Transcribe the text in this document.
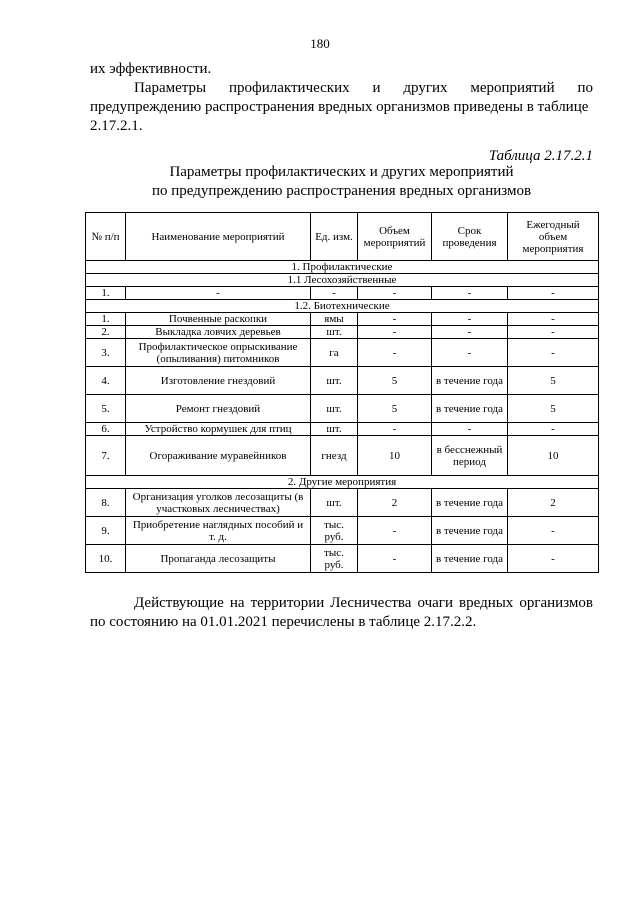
180

их эффективности.

Параметры профилактических и других мероприятий по

предупреждению распространения вредных организмов приведены в таблице

2.17.2.1.

Таблица 2.17.2.1
Параметры профилактических и других мероприятий
по предупреждению распространения вредных организмов
№ п/п	Наименование мероприятий	Ед. изм.	Объем мероприятий	Срок проведения	Ежегодный объем мероприятия
1. Профилактические					
1.1 Лесохозяйственные					
1.	-	-	-	-	-
1.2. Биотехнические					
1.	Почвенные раскопки	ямы	-	-	-
2.	Выкладка ловчих деревьев	шт.	-	-	-
3.	Профилактическое опрыскивание (опыливания) питомников	га	-	-	-
4.	Изготовление гнездовий	шт.	5	в течение года	5
5.	Ремонт гнездовий	шт.	5	в течение года	5
6.	Устройство кормушек для птиц	шт.	-	-	-
7.	Огораживание муравейников	гнезд	10	в бесснежный период	10
2. Другие мероприятия					
8.	Организация уголков лесозащиты (в участковых лесничествах)	шт.	2	в течение года	2
9.	Приобретение наглядных пособий и т. д.	тыс. руб.	-	в течение года	-
10.	Пропаганда лесозащиты	тыс. руб.	-	в течение года	-

Действующие на территории Лесничества очаги вредных организмов

по состоянию на 01.01.2021 перечислены в таблице 2.17.2.2.
